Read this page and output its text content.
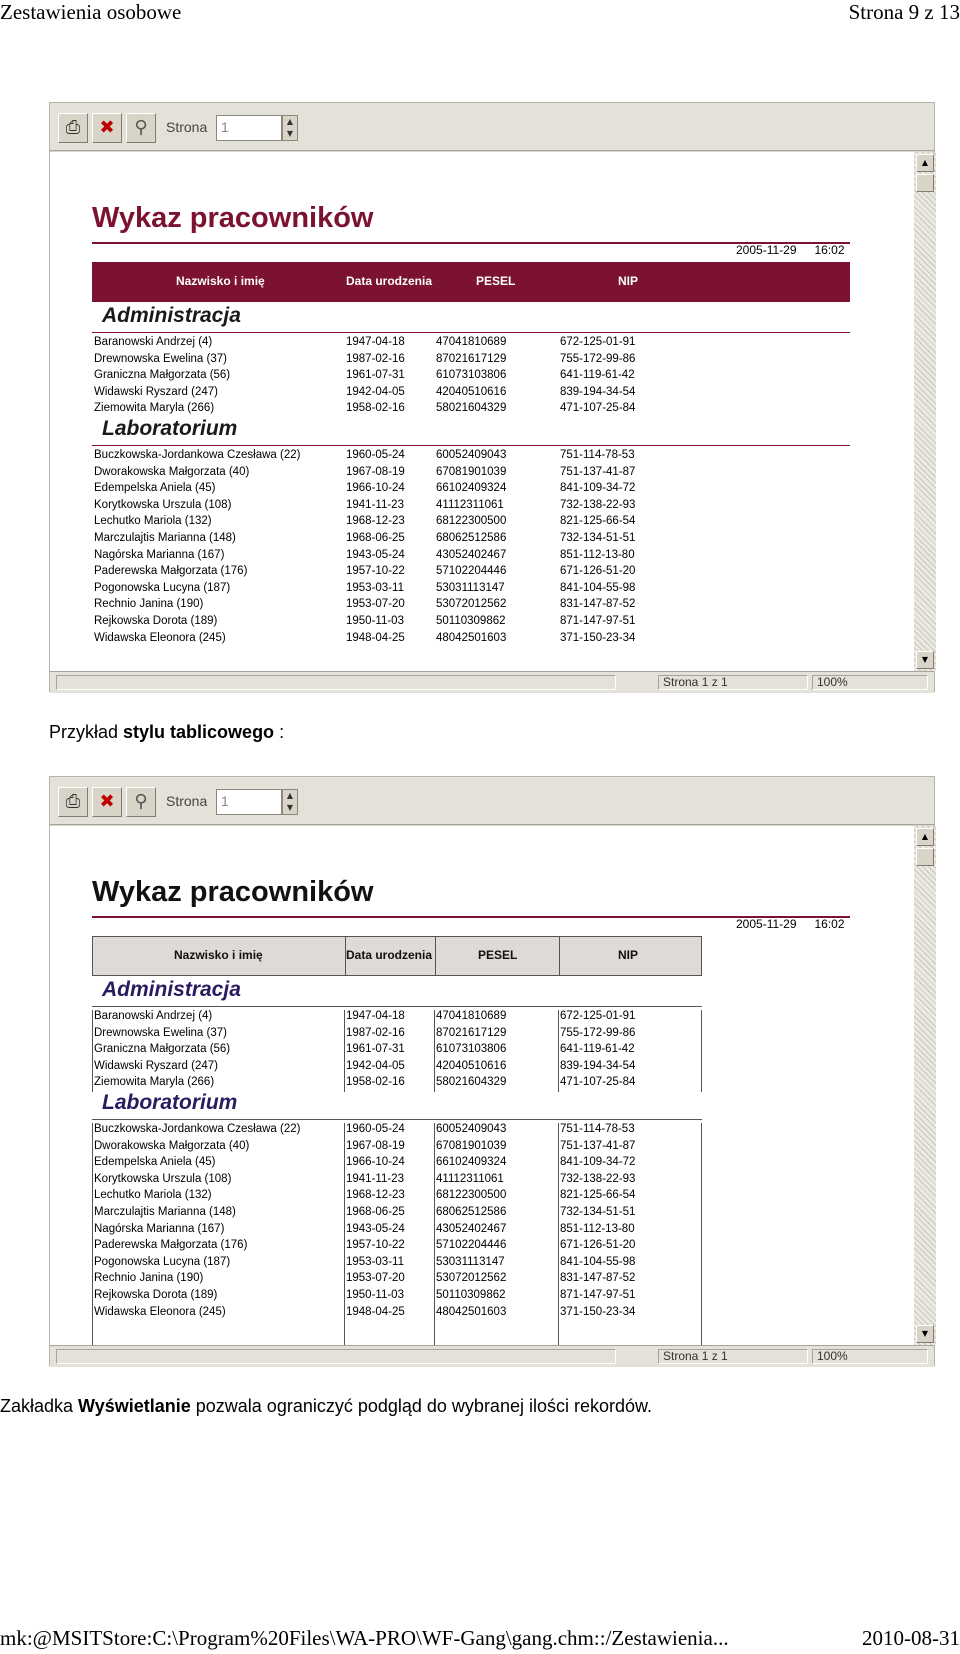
Zestawienia osobowe	Strona 9 z 13
⎙	✖	⚲	Strona 1	▲
▼
Wykaz pracowników
2005-11-29 16:02
Nazwisko i imię	Data urodzenia	PESEL	NIP
Administracja
Baranowski Andrzej (4)	1947-04-18	47041810689	672-125-01-91
Drewnowska Ewelina (37)	1987-02-16	87021617129	755-172-99-86
Graniczna Małgorzata (56)	1961-07-31	61073103806	641-119-61-42
Widawski Ryszard (247)	1942-04-05	42040510616	839-194-34-54
Ziemowita Maryla (266)	1958-02-16	58021604329	471-107-25-84
Laboratorium
Buczkowska-Jordankowa Czesława (22)	1960-05-24	60052409043	751-114-78-53
Dworakowska Małgorzata (40)	1967-08-19	67081901039	751-137-41-87
Edempelska Aniela (45)	1966-10-24	66102409324	841-109-34-72
Korytkowska Urszula (108)	1941-11-23	41112311061	732-138-22-93
Lechutko Mariola (132)	1968-12-23	68122300500	821-125-66-54
Marczulajtis Marianna (148)	1968-06-25	68062512586	732-134-51-51
Nagórska Marianna (167)	1943-05-24	43052402467	851-112-13-80
Paderewska Małgorzata (176)	1957-10-22	57102204446	671-126-51-20
Pogonowska Lucyna (187)	1953-03-11	53031113147	841-104-55-98
Rechnio Janina (190)	1953-07-20	53072012562	831-147-87-52
Rejkowska Dorota (189)	1950-11-03	50110309862	871-147-97-51
Widawska Eleonora (245)	1948-04-25	48042501603	371-150-23-34
▲
▼
Strona 1 z 1	100%
Przykład stylu tablicowego :
⎙	✖	⚲	Strona 1	▲
▼
Wykaz pracowników
2005-11-29 16:02
Nazwisko i imię	Data urodzenia	PESEL	NIP
Administracja
Baranowski Andrzej (4)	1947-04-18	47041810689	672-125-01-91
Drewnowska Ewelina (37)	1987-02-16	87021617129	755-172-99-86
Graniczna Małgorzata (56)	1961-07-31	61073103806	641-119-61-42
Widawski Ryszard (247)	1942-04-05	42040510616	839-194-34-54
Ziemowita Maryla (266)	1958-02-16	58021604329	471-107-25-84
Laboratorium
Buczkowska-Jordankowa Czesława (22)	1960-05-24	60052409043	751-114-78-53
Dworakowska Małgorzata (40)	1967-08-19	67081901039	751-137-41-87
Edempelska Aniela (45)	1966-10-24	66102409324	841-109-34-72
Korytkowska Urszula (108)	1941-11-23	41112311061	732-138-22-93
Lechutko Mariola (132)	1968-12-23	68122300500	821-125-66-54
Marczulajtis Marianna (148)	1968-06-25	68062512586	732-134-51-51
Nagórska Marianna (167)	1943-05-24	43052402467	851-112-13-80
Paderewska Małgorzata (176)	1957-10-22	57102204446	671-126-51-20
Pogonowska Lucyna (187)	1953-03-11	53031113147	841-104-55-98
Rechnio Janina (190)	1953-07-20	53072012562	831-147-87-52
Rejkowska Dorota (189)	1950-11-03	50110309862	871-147-97-51
Widawska Eleonora (245)	1948-04-25	48042501603	371-150-23-34
▲
▼
Strona 1 z 1	100%
Zakładka Wyświetlanie pozwala ograniczyć podgląd do wybranej ilości rekordów.
mk:@MSITStore:C:\Program%20Files\WA-PRO\WF-Gang\gang.chm::/Zestawienia...	2010-08-31
